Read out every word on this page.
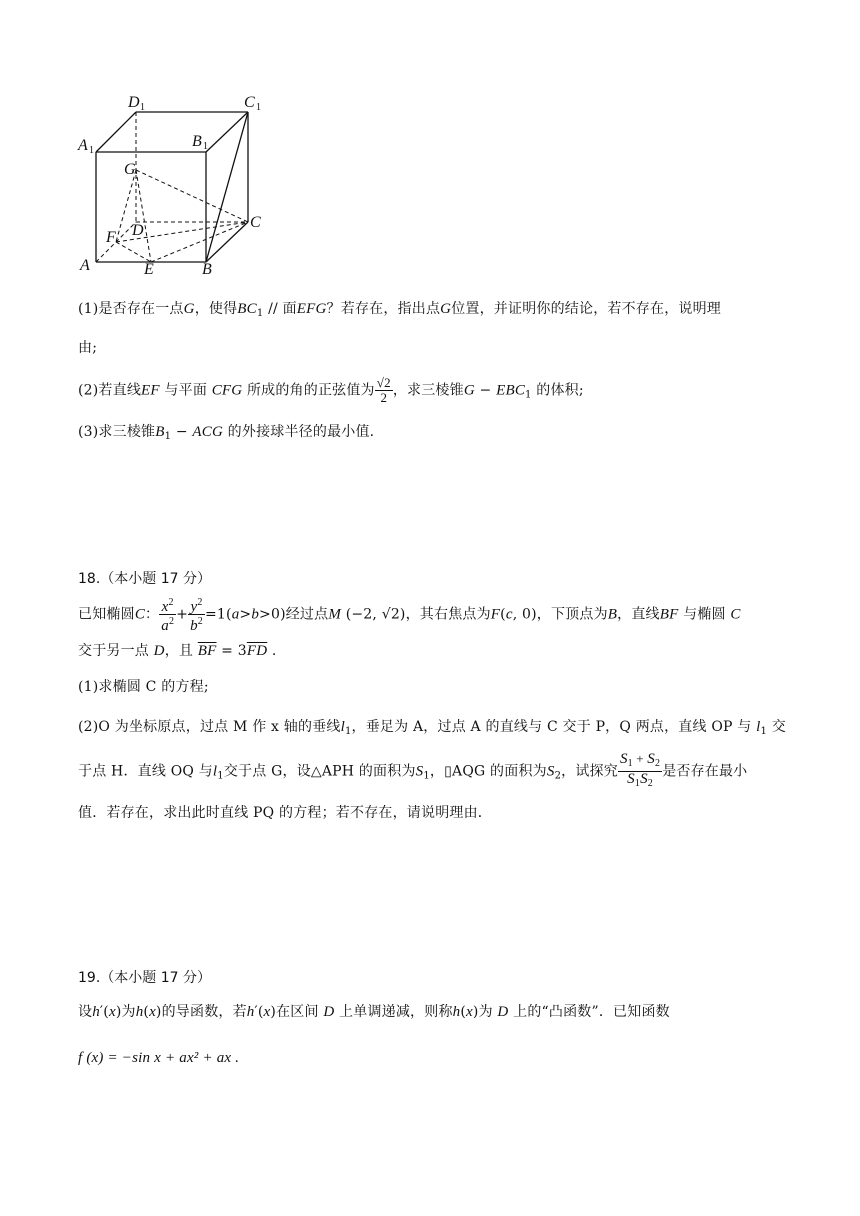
D 1	C 1
A 1
B 1
G
D	C
F
A	E	B
(1)是否存在一点G，使得$BC_1$ // 面EFG？若存在，指出点G位置，并证明你的结论，若不存在，说明理
由;
(2)若直线EF 与平面 CFG 所成的角的正弦值为 $\frac{√2}{2}$ ，求三棱锥$G - EBC_1$ 的体积;
(3)求三棱锥$B_1$ − ACG 的外接球半径的最小值.
18.（本小题 17 分）
已知椭圆C： $\frac{x^2}{a^2} + \frac{y^2}{b^2} =1(a>b>0)$经过点M (−2, √2)，其右焦点为F(c, 0)，下顶点为B，直线BF 与椭圆 C
交于另一点 D，且 $\overline{BF} = 3\overline{FD}$ .
(1)求椭圆 C 的方程;
(2)O 为坐标原点，过点 M 作 x 轴的垂线$l_1$，垂足为 A，过点 A 的直线与 C 交于 P，Q 两点，直线 OP 与 $l_1$ 交
于点 H．直线 OQ 与$l_1$交于点 G，设△APH 的面积为$S_1$，▯AQG 的面积为$S_2$，试探究 $\frac{S_1 + S_2}{S_1S_2}$ 是否存在最小
值．若存在，求出此时直线 PQ 的方程；若不存在，请说明理由．
19.（本小题 17 分）
设h′(x)为h(x)的导函数，若h′(x)在区间 D 上单调递减，则称h(x)为 D 上的“凸函数”．已知函数
f (x) = −sin x + ax² + ax .
